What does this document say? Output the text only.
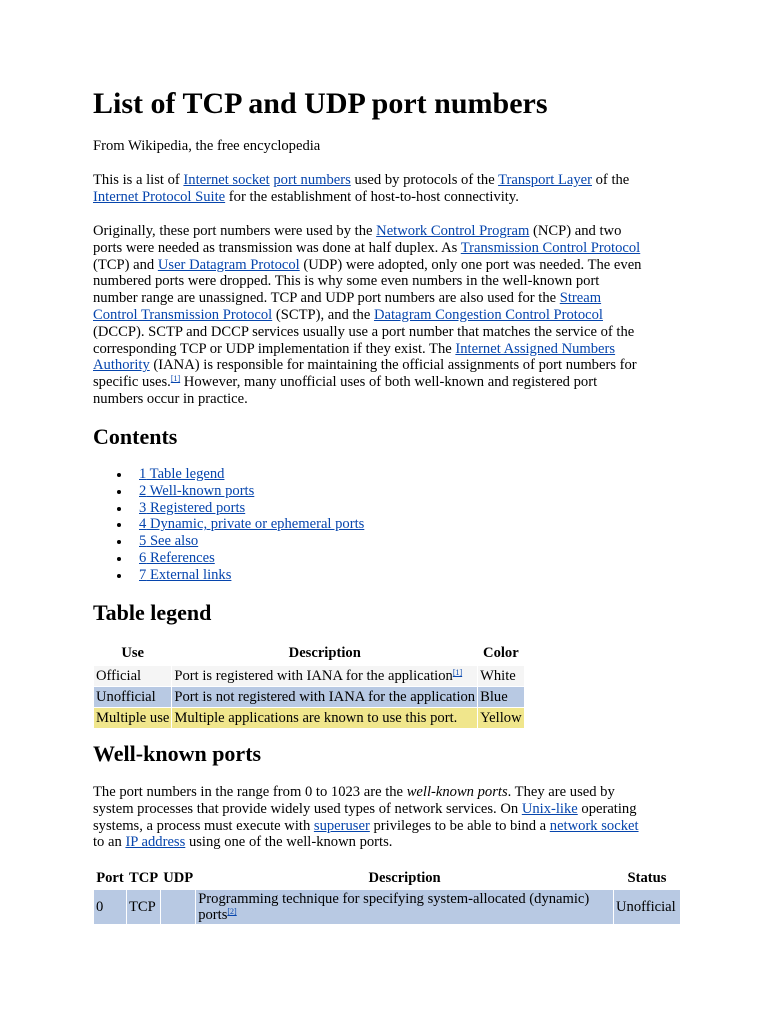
List of TCP and UDP port numbers

From Wikipedia, the free encyclopedia

This is a list of Internet socket port numbers used by protocols of the Transport Layer of the
Internet Protocol Suite for the establishment of host-to-host connectivity.
Originally, these port numbers were used by the Network Control Program (NCP) and two
ports were needed as transmission was done at half duplex. As Transmission Control Protocol
(TCP) and User Datagram Protocol (UDP) were adopted, only one port was needed. The even
numbered ports were dropped. This is why some even numbers in the well-known port
number range are unassigned. TCP and UDP port numbers are also used for the Stream
Control Transmission Protocol (SCTP), and the Datagram Congestion Control Protocol
(DCCP). SCTP and DCCP services usually use a port number that matches the service of the
corresponding TCP or UDP implementation if they exist. The Internet Assigned Numbers
Authority (IANA) is responsible for maintaining the official assignments of port numbers for
specific uses.[1] However, many unofficial uses of both well-known and registered port
numbers occur in practice.
Contents
1 Table legend
2 Well-known ports
3 Registered ports
4 Dynamic, private or ephemeral ports
5 See also
6 References
7 External links
Table legend
Use	Description	Color
Official	Port is registered with IANA for the application[1]	White
Unofficial	Port is not registered with IANA for the application	Blue
Multiple use	Multiple applications are known to use this port.	Yellow
Well-known ports
The port numbers in the range from 0 to 1023 are the well-known ports. They are used by
system processes that provide widely used types of network services. On Unix-like operating
systems, a process must execute with superuser privileges to be able to bind a network socket
to an IP address using one of the well-known ports.
Port	TCP	UDP	Description	Status
0	TCP		Programming technique for specifying system-allocated (dynamic) ports[2]	Unofficial
